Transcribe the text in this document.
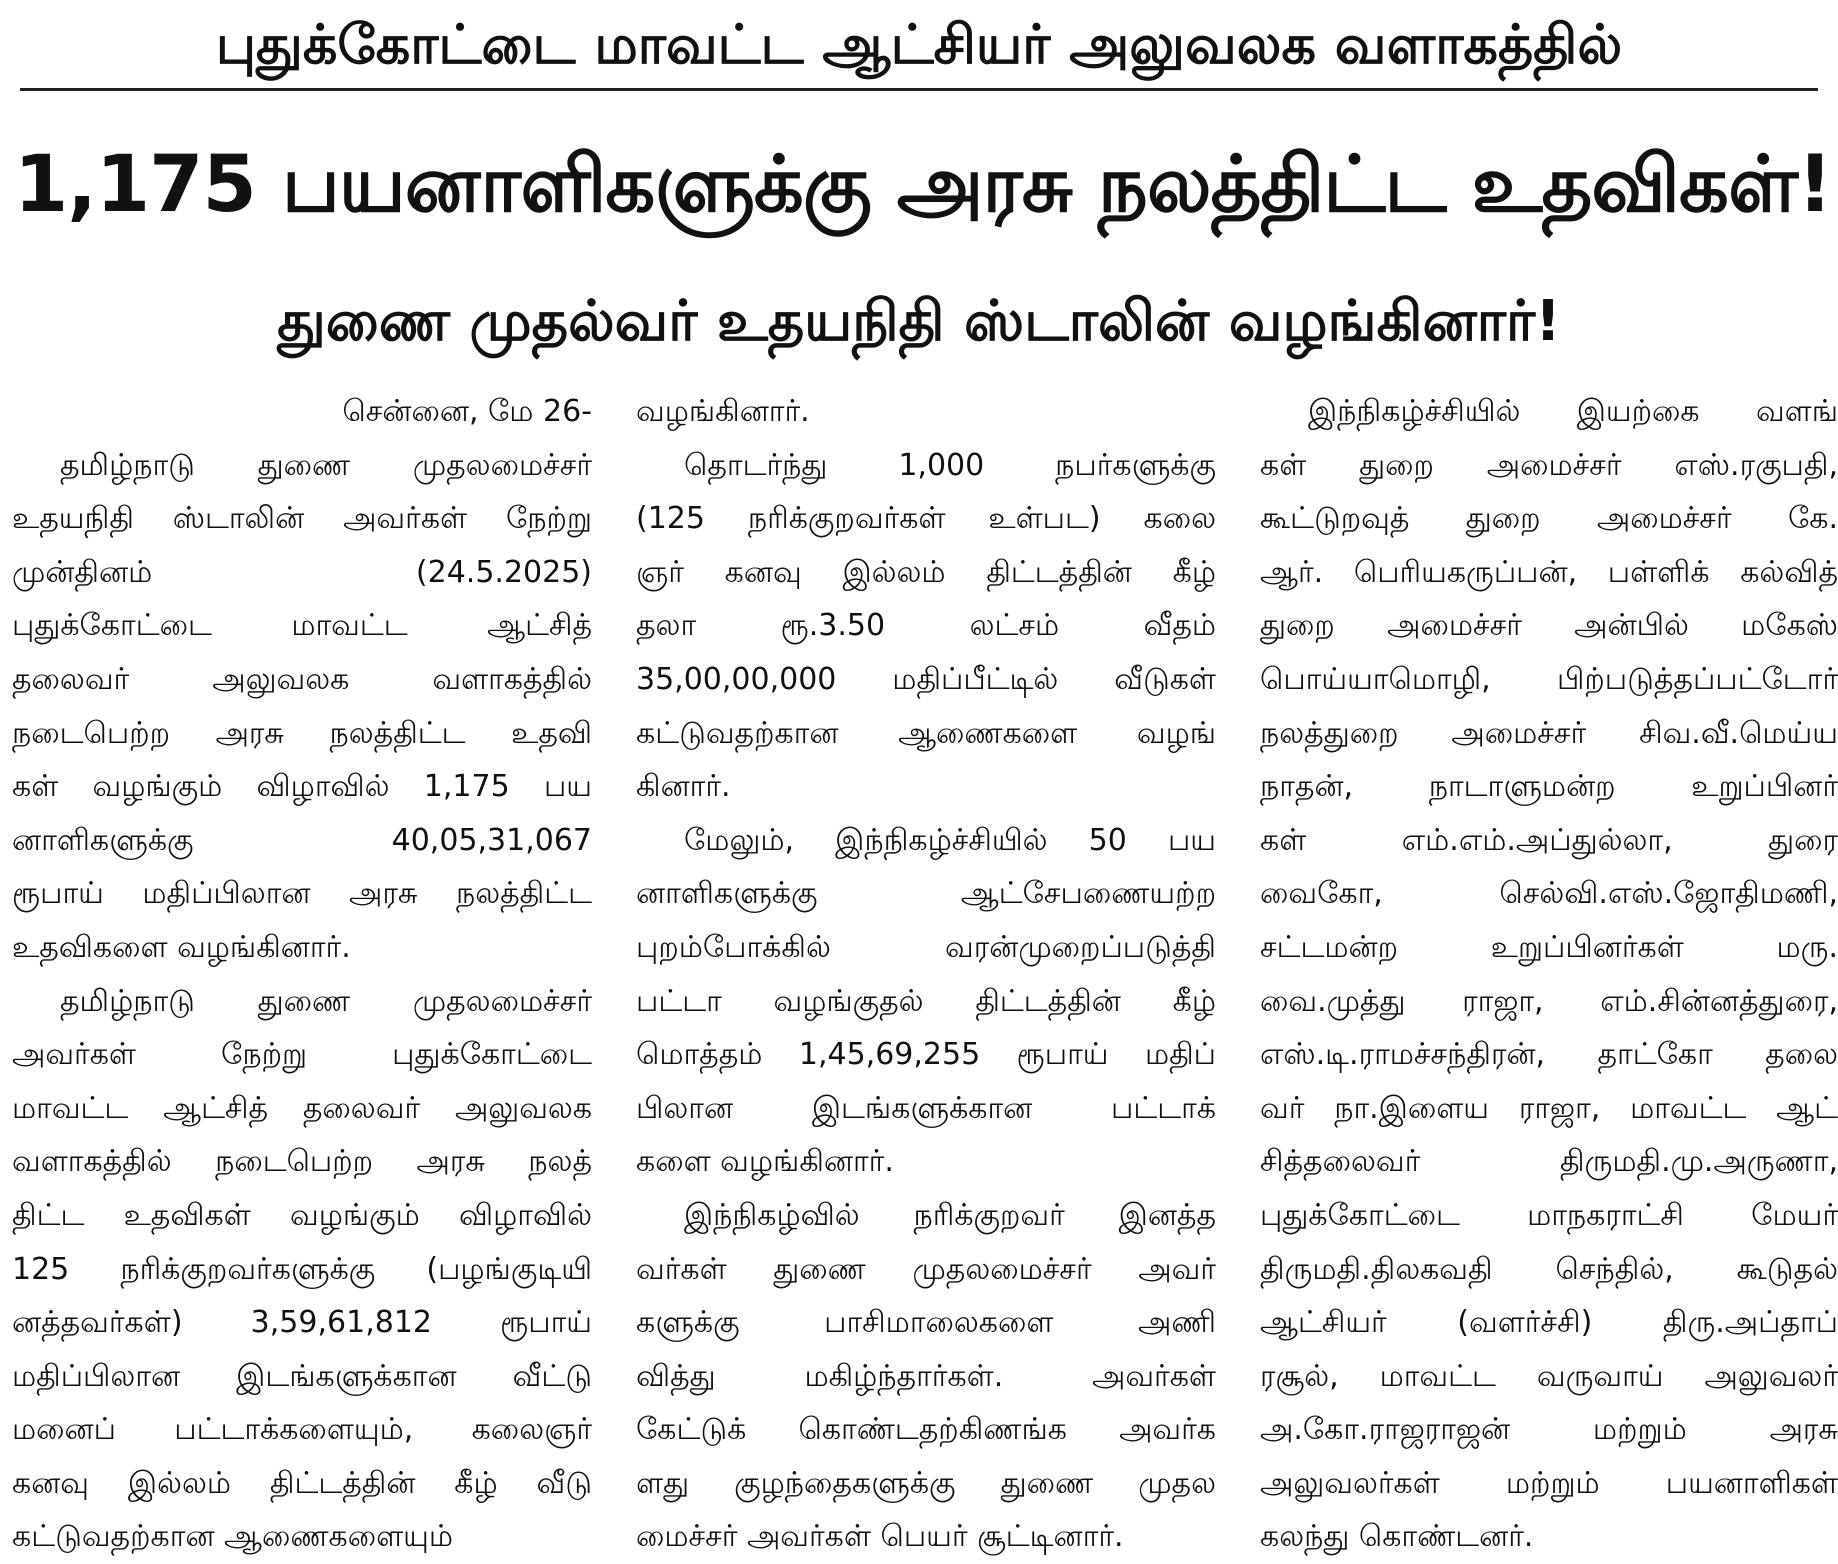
புதுக்கோட்டை மாவட்ட ஆட்சியர் அலுவலக வளாகத்தில்
1,175 பயனாளிகளுக்கு அரசு நலத்திட்ட உதவிகள்!
துணை முதல்வர் உதயநிதி ஸ்டாலின் வழங்கினார்!
சென்னை, மே 26-
தமிழ்நாடு துணை முதலமைச்சர்
உதயநிதி ஸ்டாலின் அவர்கள் நேற்று
முன்தினம் (24.5.2025)
புதுக்கோட்டை மாவட்ட ஆட்சித்
தலைவர் அலுவலக வளாகத்தில்
நடைபெற்ற அரசு நலத்திட்ட உதவி
கள் வழங்கும் விழாவில் 1,175 பய
னாளிகளுக்கு 40,05,31,067
ரூபாய் மதிப்பிலான அரசு நலத்திட்ட
உதவிகளை வழங்கினார்.
தமிழ்நாடு துணை முதலமைச்சர்
அவர்கள் நேற்று புதுக்கோட்டை
மாவட்ட ஆட்சித் தலைவர் அலுவலக
வளாகத்தில் நடைபெற்ற அரசு நலத்
திட்ட உதவிகள் வழங்கும் விழாவில்
125 நரிக்குறவர்களுக்கு (பழங்குடியி
னத்தவர்கள்) 3,59,61,812 ரூபாய்
மதிப்பிலான இடங்களுக்கான வீட்டு
மனைப் பட்டாக்களையும், கலைஞர்
கனவு இல்லம் திட்டத்தின் கீழ் வீடு
கட்டுவதற்கான ஆணைகளையும்
வழங்கினார்.
தொடர்ந்து 1,000 நபர்களுக்கு
(125 நரிக்குறவர்கள் உள்பட) கலை
ஞர் கனவு இல்லம் திட்டத்தின் கீழ்
தலா ரூ.3.50 லட்சம் வீதம்
35,00,00,000 மதிப்பீட்டில் வீடுகள்
கட்டுவதற்கான ஆணைகளை வழங்
கினார்.
மேலும், இந்நிகழ்ச்சியில் 50 பய
னாளிகளுக்கு ஆட்சேபணையற்ற
புறம்போக்கில் வரன்முறைப்படுத்தி
பட்டா வழங்குதல் திட்டத்தின் கீழ்
மொத்தம் 1,45,69,255 ரூபாய் மதிப்
பிலான இடங்களுக்கான பட்டாக்
களை வழங்கினார்.
இந்நிகழ்வில் நரிக்குறவர் இனத்த
வர்கள் துணை முதலமைச்சர் அவர்
களுக்கு பாசிமாலைகளை அணி
வித்து மகிழ்ந்தார்கள். அவர்கள்
கேட்டுக் கொண்டதற்கிணங்க அவர்க
ளது குழந்தைகளுக்கு துணை முதல
மைச்சர் அவர்கள் பெயர் சூட்டினார்.
இந்நிகழ்ச்சியில் இயற்கை வளங்
கள் துறை அமைச்சர் எஸ்.ரகுபதி,
கூட்டுறவுத் துறை அமைச்சர் கே.
ஆர். பெரியகருப்பன், பள்ளிக் கல்வித்
துறை அமைச்சர் அன்பில் மகேஸ்
பொய்யாமொழி, பிற்படுத்தப்பட்டோர்
நலத்துறை அமைச்சர் சிவ.வீ.மெய்ய
நாதன், நாடாளுமன்ற உறுப்பினர்
கள் எம்.எம்.அப்துல்லா, துரை
வைகோ, செல்வி.எஸ்.ஜோதிமணி,
சட்டமன்ற உறுப்பினர்கள் மரு.
வை.முத்து ராஜா, எம்.சின்னத்துரை,
எஸ்.டி.ராமச்சந்திரன், தாட்கோ தலை
வர் நா.இளைய ராஜா, மாவட்ட ஆட்
சித்தலைவர் திருமதி.மு.அருணா,
புதுக்கோட்டை மாநகராட்சி மேயர்
திருமதி.திலகவதி செந்தில், கூடுதல்
ஆட்சியர் (வளர்ச்சி) திரு.அப்தாப்
ரசூல், மாவட்ட வருவாய் அலுவலர்
அ.கோ.ராஜராஜன் மற்றும் அரசு
அலுவலர்கள் மற்றும் பயனாளிகள்
கலந்து கொண்டனர்.
